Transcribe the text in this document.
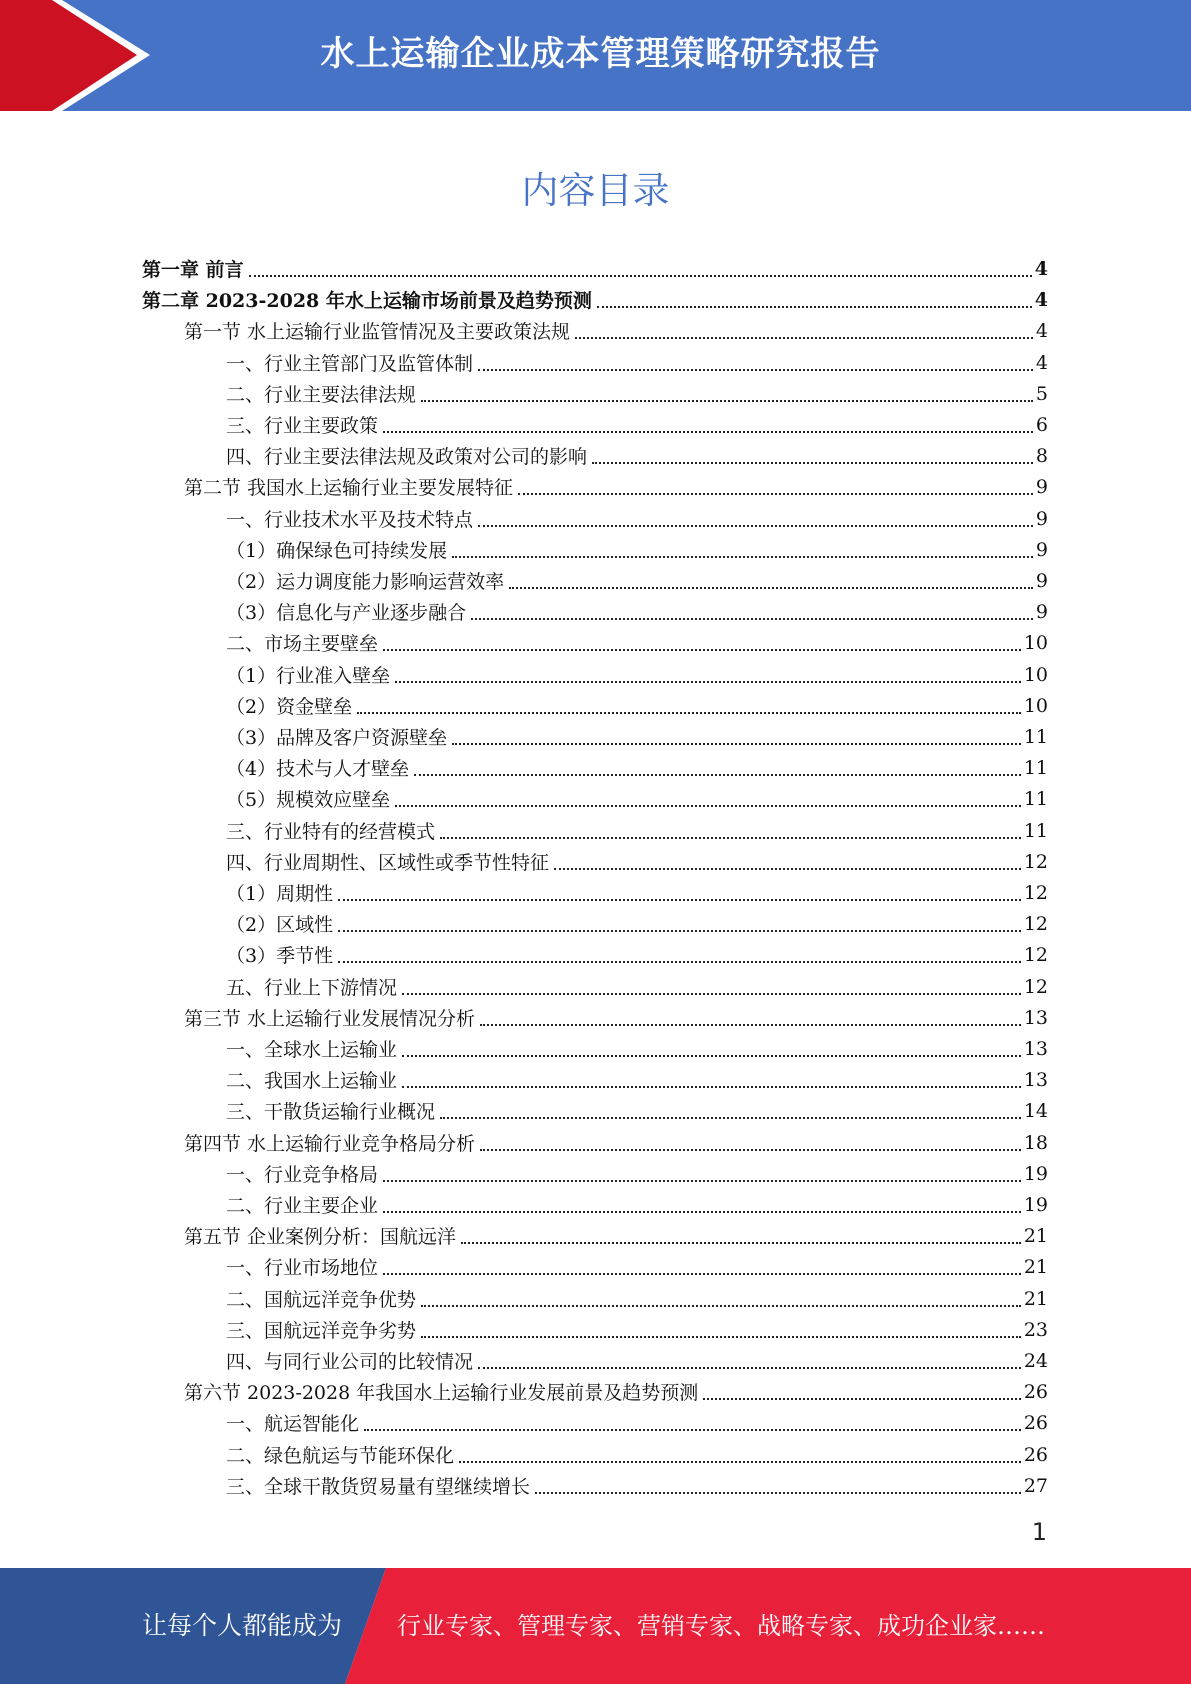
水上运输企业成本管理策略研究报告
内容目录
第一章 前言	4
第二章 2023-2028 年水上运输市场前景及趋势预测	4
第一节 水上运输行业监管情况及主要政策法规	4
一、行业主管部门及监管体制	4
二、行业主要法律法规	5
三、行业主要政策	6
四、行业主要法律法规及政策对公司的影响	8
第二节 我国水上运输行业主要发展特征	9
一、行业技术水平及技术特点	9
（1）确保绿色可持续发展	9
（2）运力调度能力影响运营效率	9
（3）信息化与产业逐步融合	9
二、市场主要壁垒	10
（1）行业准入壁垒	10
（2）资金壁垒	10
（3）品牌及客户资源壁垒	11
（4）技术与人才壁垒	11
（5）规模效应壁垒	11
三、行业特有的经营模式	11
四、行业周期性、区域性或季节性特征	12
（1）周期性	12
（2）区域性	12
（3）季节性	12
五、行业上下游情况	12
第三节 水上运输行业发展情况分析	13
一、全球水上运输业	13
二、我国水上运输业	13
三、干散货运输行业概况	14
第四节 水上运输行业竞争格局分析	18
一、行业竞争格局	19
二、行业主要企业	19
第五节 企业案例分析：国航远洋	21
一、行业市场地位	21
二、国航远洋竞争优势	21
三、国航远洋竞争劣势	23
四、与同行业公司的比较情况	24
第六节 2023-2028 年我国水上运输行业发展前景及趋势预测	26
一、航运智能化	26
二、绿色航运与节能环保化	26
三、全球干散货贸易量有望继续增长	27
1
让每个人都能成为 行业专家、管理专家、营销专家、战略专家、成功企业家……
